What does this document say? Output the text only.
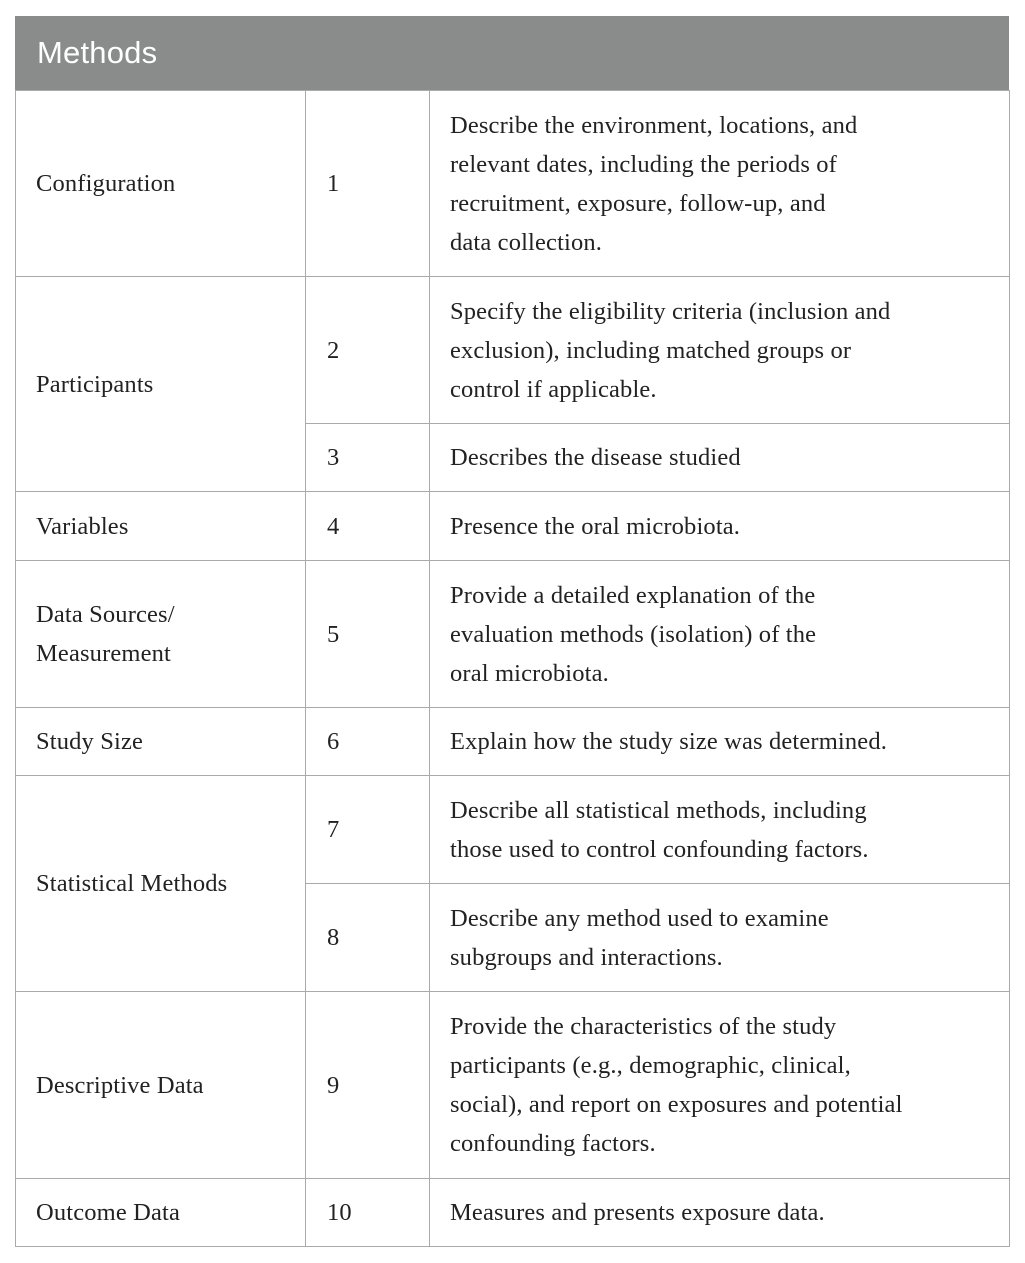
Methods
Configuration	1	Describe the environment, locations, and
relevant dates, including the periods of
recruitment, exposure, follow-up, and
data collection.

Participants	2	Specify the eligibility criteria (inclusion and
exclusion), including matched groups or
control if applicable.

	3	Describes the disease studied

Variables	4	Presence the oral microbiota.

Data Sources/
Measurement	5	Provide a detailed explanation of the
evaluation methods (isolation) of the
oral microbiota.

Study Size	6	Explain how the study size was determined.

Statistical Methods	7	Describe all statistical methods, including
those used to control confounding factors.

	8	Describe any method used to examine
subgroups and interactions.

Descriptive Data	9	Provide the characteristics of the study
participants (e.g., demographic, clinical,
social), and report on exposures and potential
confounding factors.

Outcome Data	10	Measures and presents exposure data.
